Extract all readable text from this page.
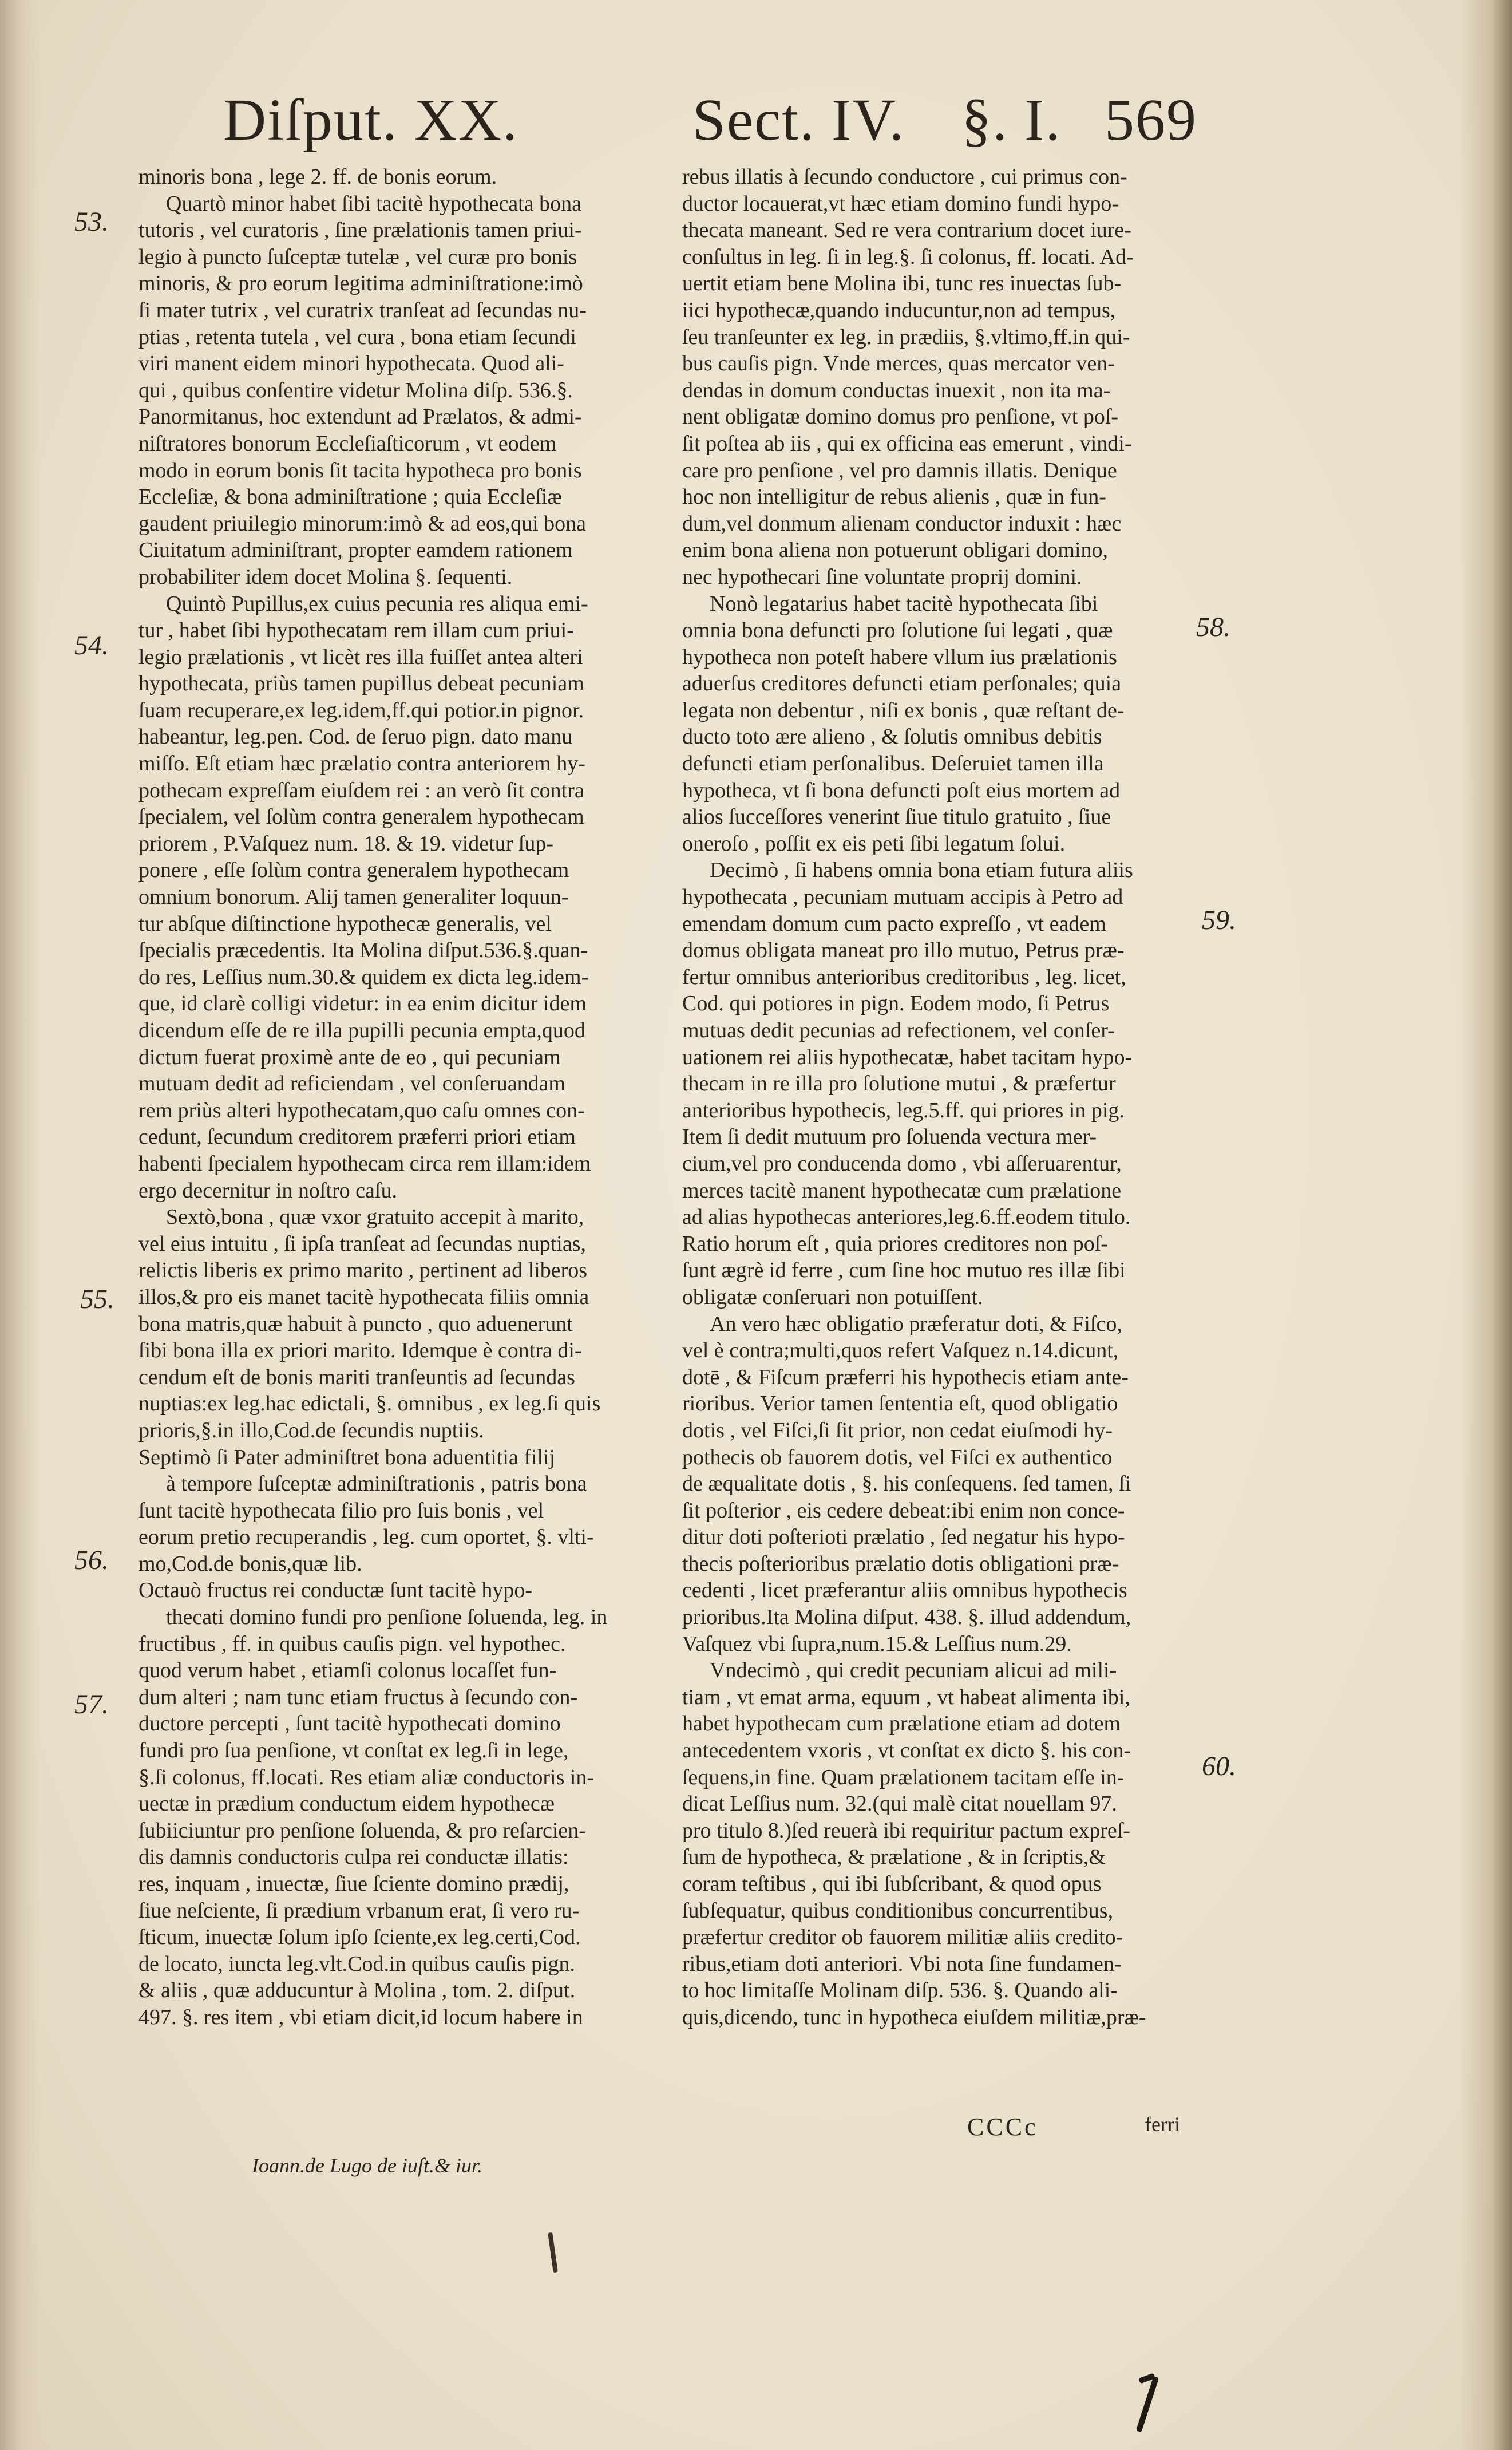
Diſput. XX.	Sect. IV. §. I. 569
minoris bona , lege 2. ff. de bonis eorum.
Quartò minor habet ſibi tacitè hypothecata bona
tutoris , vel curatoris , ſine prælationis tamen priui-
legio à puncto ſuſceptæ tutelæ , vel curæ pro bonis
minoris, & pro eorum legitima adminiſtratione:imò
ſi mater tutrix , vel curatrix tranſeat ad ſecundas nu-
ptias , retenta tutela , vel cura , bona etiam ſecundi
viri manent eidem minori hypothecata. Quod ali-
qui , quibus conſentire videtur Molina diſp. 536.§.
Panormitanus, hoc extendunt ad Prælatos, & admi-
niſtratores bonorum Eccleſiaſticorum , vt eodem
modo in eorum bonis ſit tacita hypotheca pro bonis
Eccleſiæ, & bona adminiſtratione ; quia Eccleſiæ
gaudent priuilegio minorum:imò & ad eos,qui bona
Ciuitatum adminiſtrant, propter eamdem rationem
probabiliter idem docet Molina §. ſequenti.
Quintò Pupillus,ex cuius pecunia res aliqua emi-
tur , habet ſibi hypothecatam rem illam cum priui-
legio prælationis , vt licèt res illa fuiſſet antea alteri
hypothecata, priùs tamen pupillus debeat pecuniam
ſuam recuperare,ex leg.idem,ff.qui potior.in pignor.
habeantur, leg.pen. Cod. de ſeruo pign. dato manu
miſſo. Eſt etiam hæc prælatio contra anteriorem hy-
pothecam expreſſam eiuſdem rei : an verò ſit contra
ſpecialem, vel ſolùm contra generalem hypothecam
priorem , P.Vaſquez num. 18. & 19. videtur ſup-
ponere , eſſe ſolùm contra generalem hypothecam
omnium bonorum. Alij tamen generaliter loquun-
tur abſque diſtinctione hypothecæ generalis, vel
ſpecialis præcedentis. Ita Molina diſput.536.§.quan-
do res, Leſſius num.30.& quidem ex dicta leg.idem-
que, id clarè colligi videtur: in ea enim dicitur idem
dicendum eſſe de re illa pupilli pecunia empta,quod
dictum fuerat proximè ante de eo , qui pecuniam
mutuam dedit ad reficiendam , vel conſeruandam
rem priùs alteri hypothecatam,quo caſu omnes con-
cedunt, ſecundum creditorem præferri priori etiam
habenti ſpecialem hypothecam circa rem illam:idem
ergo decernitur in noſtro caſu.
Sextò,bona , quæ vxor gratuito accepit à marito,
vel eius intuitu , ſi ipſa tranſeat ad ſecundas nuptias,
relictis liberis ex primo marito , pertinent ad liberos
illos,& pro eis manet tacitè hypothecata filiis omnia
bona matris,quæ habuit à puncto , quo aduenerunt
ſibi bona illa ex priori marito. Idemque è contra di-
cendum eſt de bonis mariti tranſeuntis ad ſecundas
nuptias:ex leg.hac edictali, §. omnibus , ex leg.ſi quis
prioris,§.in illo,Cod.de ſecundis nuptiis.
Septimò ſi Pater adminiſtret bona aduentitia filij
à tempore ſuſceptæ adminiſtrationis , patris bona
ſunt tacitè hypothecata filio pro ſuis bonis , vel
eorum pretio recuperandis , leg. cum oportet, §. vlti-
mo,Cod.de bonis,quæ lib.
Octauò fructus rei conductæ ſunt tacitè hypo-
thecati domino fundi pro penſione ſoluenda, leg. in
fructibus , ff. in quibus cauſis pign. vel hypothec.
quod verum habet , etiamſi colonus locaſſet fun-
dum alteri ; nam tunc etiam fructus à ſecundo con-
ductore percepti , ſunt tacitè hypothecati domino
fundi pro ſua penſione, vt conſtat ex leg.ſi in lege,
§.ſi colonus, ff.locati. Res etiam aliæ conductoris in-
uectæ in prædium conductum eidem hypothecæ
ſubiiciuntur pro penſione ſoluenda, & pro reſarcien-
dis damnis conductoris culpa rei conductæ illatis:
res, inquam , inuectæ, ſiue ſciente domino prædij,
ſiue neſciente, ſi prædium vrbanum erat, ſi vero ru-
ſticum, inuectæ ſolum ipſo ſciente,ex leg.certi,Cod.
de locato, iuncta leg.vlt.Cod.in quibus cauſis pign.
& aliis , quæ adducuntur à Molina , tom. 2. diſput.
497. §. res item , vbi etiam dicit,id locum habere in
rebus illatis à ſecundo conductore , cui primus con-
ductor locauerat,vt hæc etiam domino fundi hypo-
thecata maneant. Sed re vera contrarium docet iure-
conſultus in leg. ſi in leg.§. ſi colonus, ff. locati. Ad-
uertit etiam bene Molina ibi, tunc res inuectas ſub-
iici hypothecæ,quando inducuntur,non ad tempus,
ſeu tranſeunter ex leg. in prædiis, §.vltimo,ff.in qui-
bus cauſis pign. Vnde merces, quas mercator ven-
dendas in domum conductas inuexit , non ita ma-
nent obligatæ domino domus pro penſione, vt poſ-
ſit poſtea ab iis , qui ex officina eas emerunt , vindi-
care pro penſione , vel pro damnis illatis. Denique
hoc non intelligitur de rebus alienis , quæ in fun-
dum,vel donmum alienam conductor induxit : hæc
enim bona aliena non potuerunt obligari domino,
nec hypothecari ſine voluntate proprij domini.
Nonò legatarius habet tacitè hypothecata ſibi
omnia bona defuncti pro ſolutione ſui legati , quæ
hypotheca non poteſt habere vllum ius prælationis
aduerſus creditores defuncti etiam perſonales; quia
legata non debentur , niſi ex bonis , quæ reſtant de-
ducto toto ære alieno , & ſolutis omnibus debitis
defuncti etiam perſonalibus. Deſeruiet tamen illa
hypotheca, vt ſi bona defuncti poſt eius mortem ad
alios ſucceſſores venerint ſiue titulo gratuito , ſiue
oneroſo , poſſit ex eis peti ſibi legatum ſolui.
Decimò , ſi habens omnia bona etiam futura aliis
hypothecata , pecuniam mutuam accipis à Petro ad
emendam domum cum pacto expreſſo , vt eadem
domus obligata maneat pro illo mutuo, Petrus præ-
fertur omnibus anterioribus creditoribus , leg. licet,
Cod. qui potiores in pign. Eodem modo, ſi Petrus
mutuas dedit pecunias ad refectionem, vel conſer-
uationem rei aliis hypothecatæ, habet tacitam hypo-
thecam in re illa pro ſolutione mutui , & præfertur
anterioribus hypothecis, leg.5.ff. qui priores in pig.
Item ſi dedit mutuum pro ſoluenda vectura mer-
cium,vel pro conducenda domo , vbi aſſeruarentur,
merces tacitè manent hypothecatæ cum prælatione
ad alias hypothecas anteriores,leg.6.ff.eodem titulo.
Ratio horum eſt , quia priores creditores non poſ-
ſunt ægrè id ferre , cum ſine hoc mutuo res illæ ſibi
obligatæ conſeruari non potuiſſent.
An vero hæc obligatio præferatur doti, & Fiſco,
vel è contra;multi,quos refert Vaſquez n.14.dicunt,
dotē , & Fiſcum præferri his hypothecis etiam ante-
rioribus. Verior tamen ſententia eſt, quod obligatio
dotis , vel Fiſci,ſi ſit prior, non cedat eiuſmodi hy-
pothecis ob fauorem dotis, vel Fiſci ex authentico
de æqualitate dotis , §. his conſequens. ſed tamen, ſi
ſit poſterior , eis cedere debeat:ibi enim non conce-
ditur doti poſterioti prælatio , ſed negatur his hypo-
thecis poſterioribus prælatio dotis obligationi præ-
cedenti , licet præferantur aliis omnibus hypothecis
prioribus.Ita Molina diſput. 438. §. illud addendum,
Vaſquez vbi ſupra,num.15.& Leſſius num.29.
Vndecimò , qui credit pecuniam alicui ad mili-
tiam , vt emat arma, equum , vt habeat alimenta ibi,
habet hypothecam cum prælatione etiam ad dotem
antecedentem vxoris , vt conſtat ex dicto §. his con-
ſequens,in fine. Quam prælationem tacitam eſſe in-
dicat Leſſius num. 32.(qui malè citat nouellam 97.
pro titulo 8.)ſed reuerà ibi requiritur pactum expreſ-
ſum de hypotheca, & prælatione , & in ſcriptis,&
coram teſtibus , qui ibi ſubſcribant, & quod opus
ſubſequatur, quibus conditionibus concurrentibus,
præfertur creditor ob fauorem militiæ aliis credito-
ribus,etiam doti anteriori. Vbi nota ſine fundamen-
to hoc limitaſſe Molinam diſp. 536. §. Quando ali-
quis,dicendo, tunc in hypotheca eiuſdem militiæ,præ-
53.
54.
55.
56.
57.
58.
59.
60.
Ioann.de Lugo de iuſt.& iur.
CCCc	ferri
